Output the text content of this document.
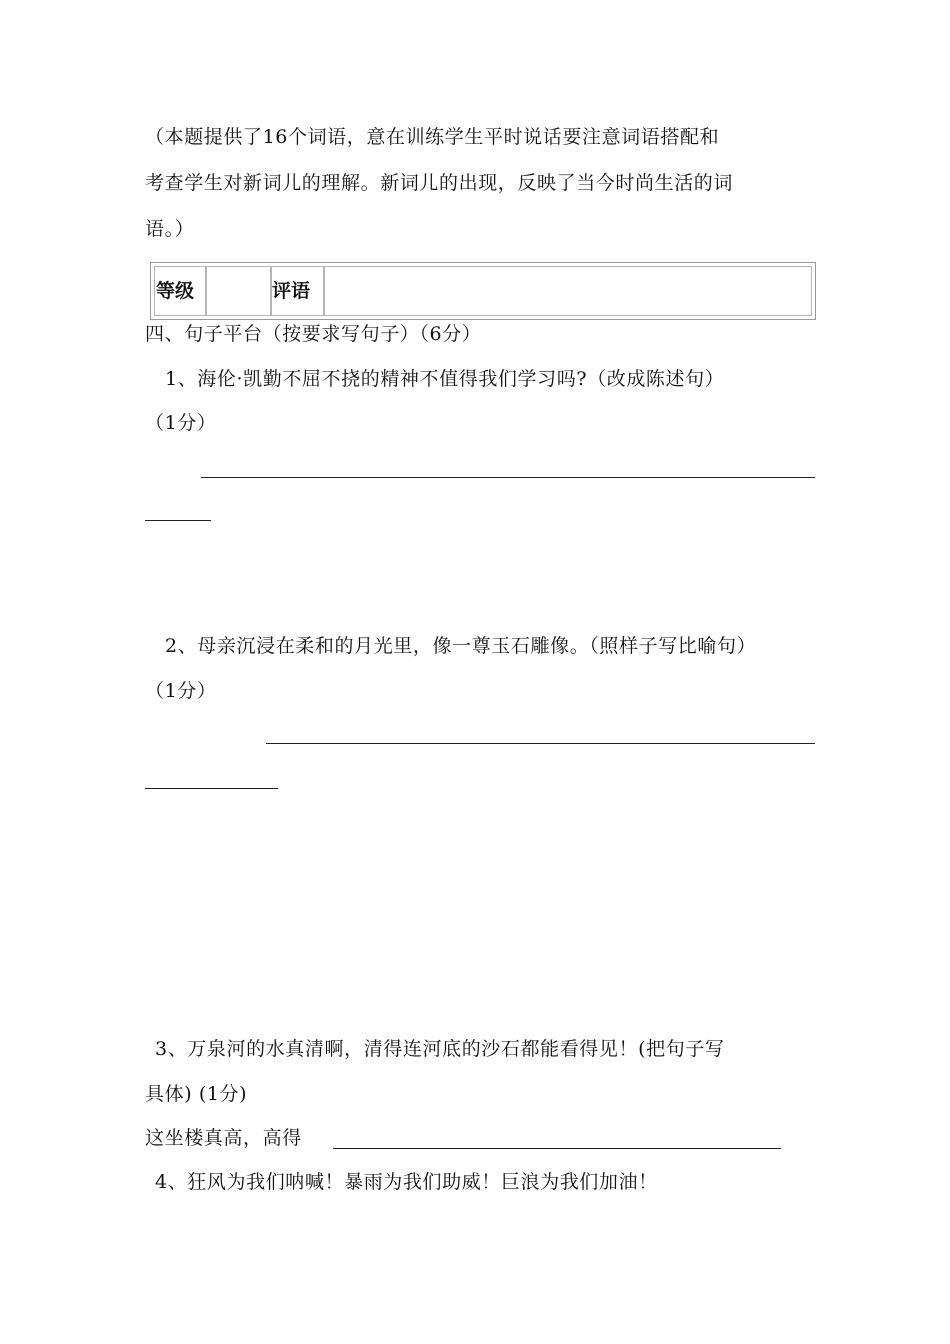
（本题提供了16个词语，意在训练学生平时说话要注意词语搭配和
考查学生对新词儿的理解。新词儿的出现，反映了当今时尚生活的词
语。）
等级	评语
四、句子平台（按要求写句子）（6分）
1、海伦·凯勤不屈不挠的精神不值得我们学习吗?（改成陈述句）
（1分）
2、母亲沉浸在柔和的月光里，像一尊玉石雕像。（照样子写比喻句）
（1分）
3、万泉河的水真清啊，清得连河底的沙石都能看得见！(把句子写
具体) (1分)
这坐楼真高，高得
4、狂风为我们呐喊！暴雨为我们助威！巨浪为我们加油！
